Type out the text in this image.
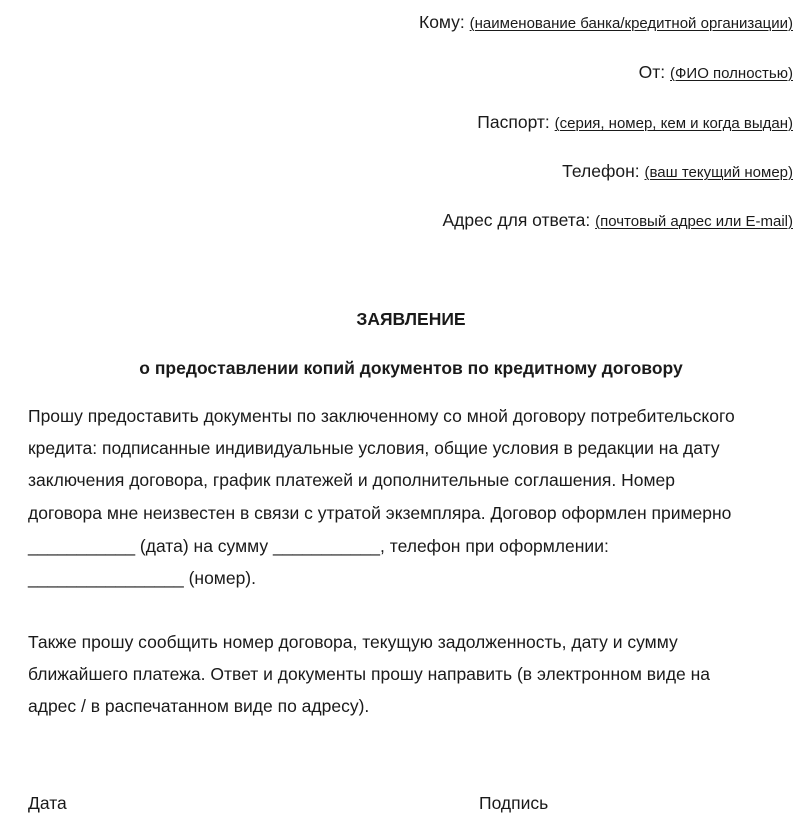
Кому: (наименование банка/кредитной организации)
От: (ФИО полностью)
Паспорт: (серия, номер, кем и когда выдан)
Телефон: (ваш текущий номер)
Адрес для ответа: (почтовый адрес или E-mail)
ЗАЯВЛЕНИЕ
о предоставлении копий документов по кредитному договору
Прошу предоставить документы по заключенному со мной договору потребительского
кредита: подписанные индивидуальные условия, общие условия в редакции на дату
заключения договора, график платежей и дополнительные соглашения. Номер
договора мне неизвестен в связи с утратой экземпляра. Договор оформлен примерно
___________ (дата) на сумму ___________, телефон при оформлении:
________________ (номер).
Также прошу сообщить номер договора, текущую задолженность, дату и сумму
ближайшего платежа. Ответ и документы прошу направить (в электронном виде на
адрес / в распечатанном виде по адресу).
Дата	Подпись
